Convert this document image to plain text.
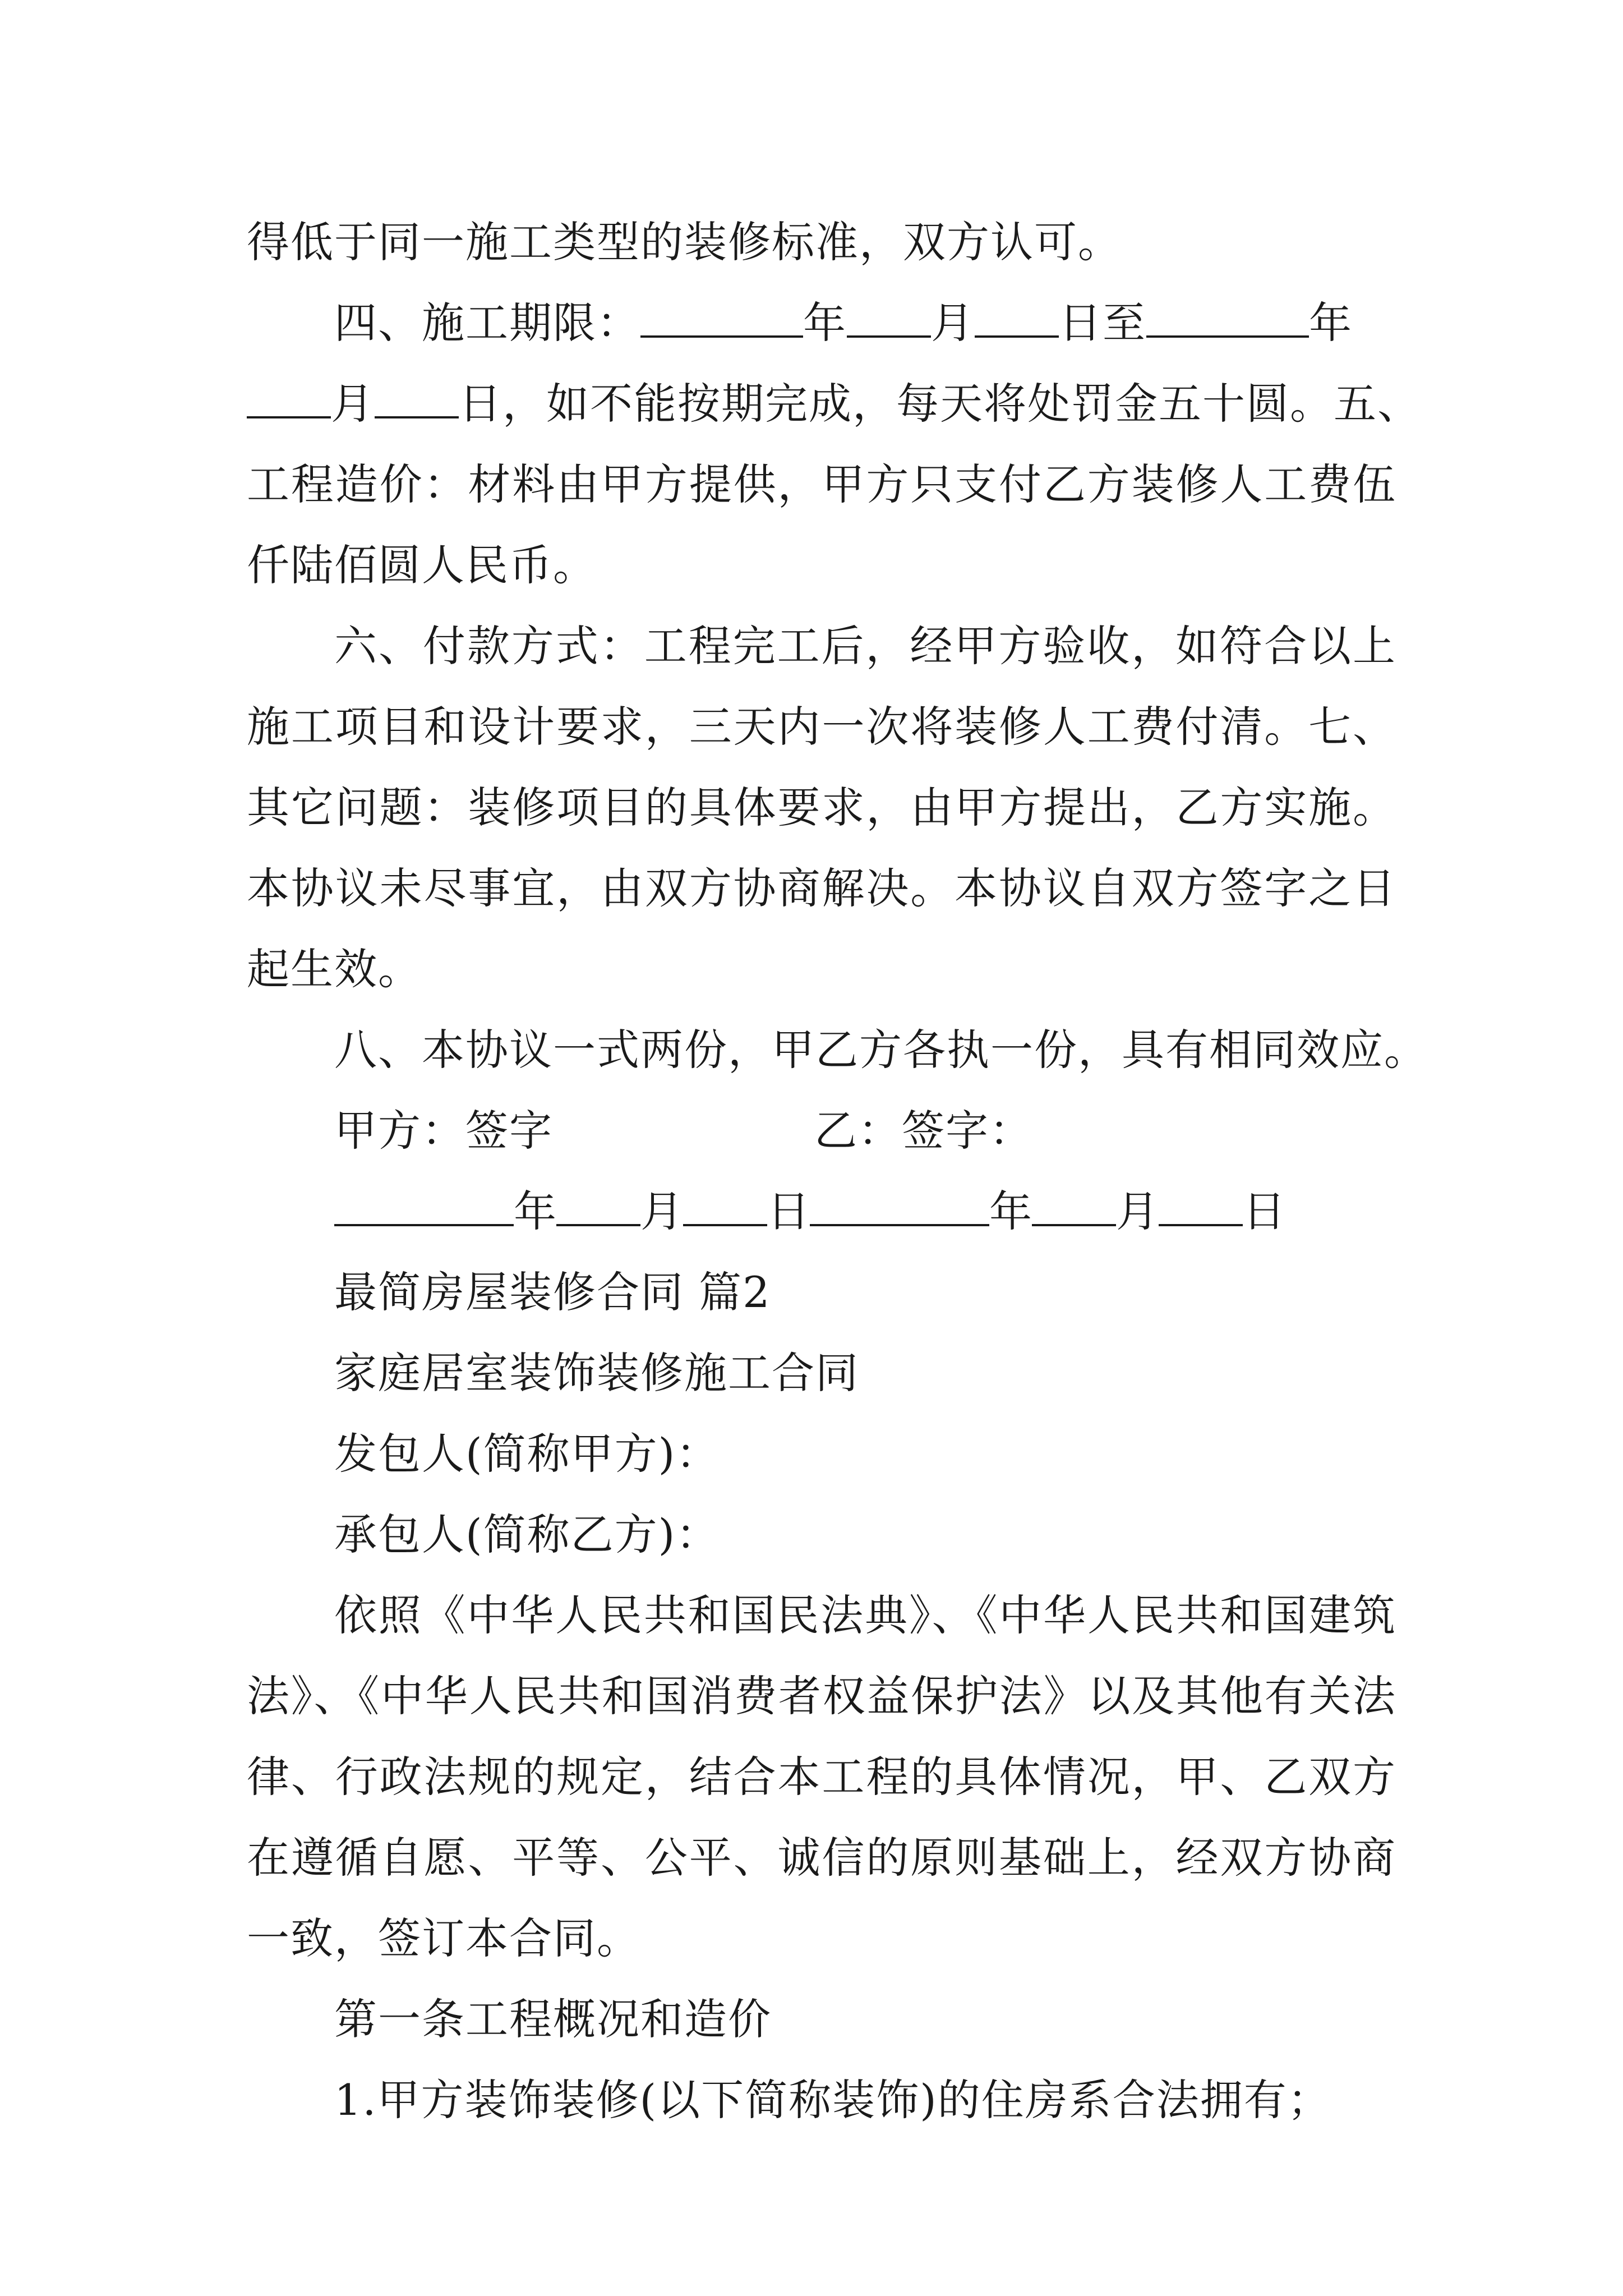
得低于同一施工类型的装修标准，双方认可。
四、施工期限：	年 月 日至	年
月 日，如不能按期完成，每天将处罚金五十圆。五、
工程造价：材料由甲方提供，甲方只支付乙方装修人工费伍
仟陆佰圆人民币。
六、付款方式：工程完工后，经甲方验收，如符合以上
施工项目和设计要求，三天内一次将装修人工费付清。七、
其它问题：装修项目的具体要求，由甲方提出，乙方实施。
本协议未尽事宜，由双方协商解决。本协议自双方签字之日
起生效。
八、本协议一式两份，甲乙方各执一份，具有相同效应。
甲方：签字	乙：签字：
年 月 日	年 月 日
最简房屋装修合同 篇2
家庭居室装饰装修施工合同
发包人(简称甲方)：
承包人(简称乙方)：
依照《中华人民共和国民法典》、《中华人民共和国建筑
法》、《中华人民共和国消费者权益保护法》以及其他有关法
律、行政法规的规定，结合本工程的具体情况，甲、乙双方
在遵循自愿、平等、公平、诚信的原则基础上，经双方协商
一致，签订本合同。
第一条工程概况和造价
1.甲方装饰装修(以下简称装饰)的住房系合法拥有；
